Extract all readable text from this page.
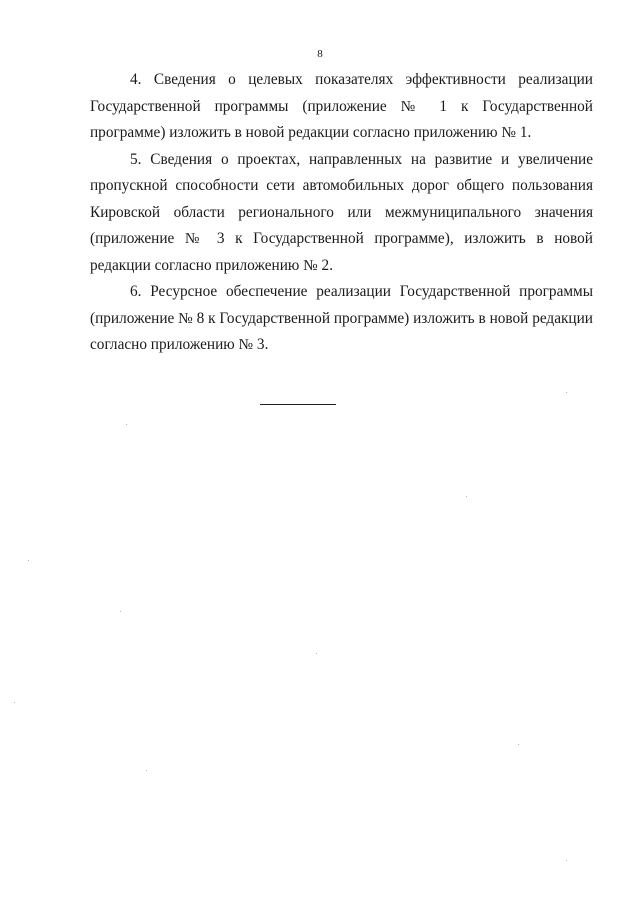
8

4. Сведения о целевых показателях эффективности реализации Государственной программы (приложение № 1 к Государственной программе) изложить в новой редакции согласно приложению № 1.

5. Сведения о проектах, направленных на развитие и увеличение пропускной способности сети автомобильных дорог общего пользования Кировской области регионального или межмуниципального значения (приложение № 3 к Государственной программе), изложить в новой редакции согласно приложению № 2.

6. Ресурсное обеспечение реализации Государственной программы (приложение № 8 к Государственной программе) изложить в новой редакции согласно приложению № 3.
